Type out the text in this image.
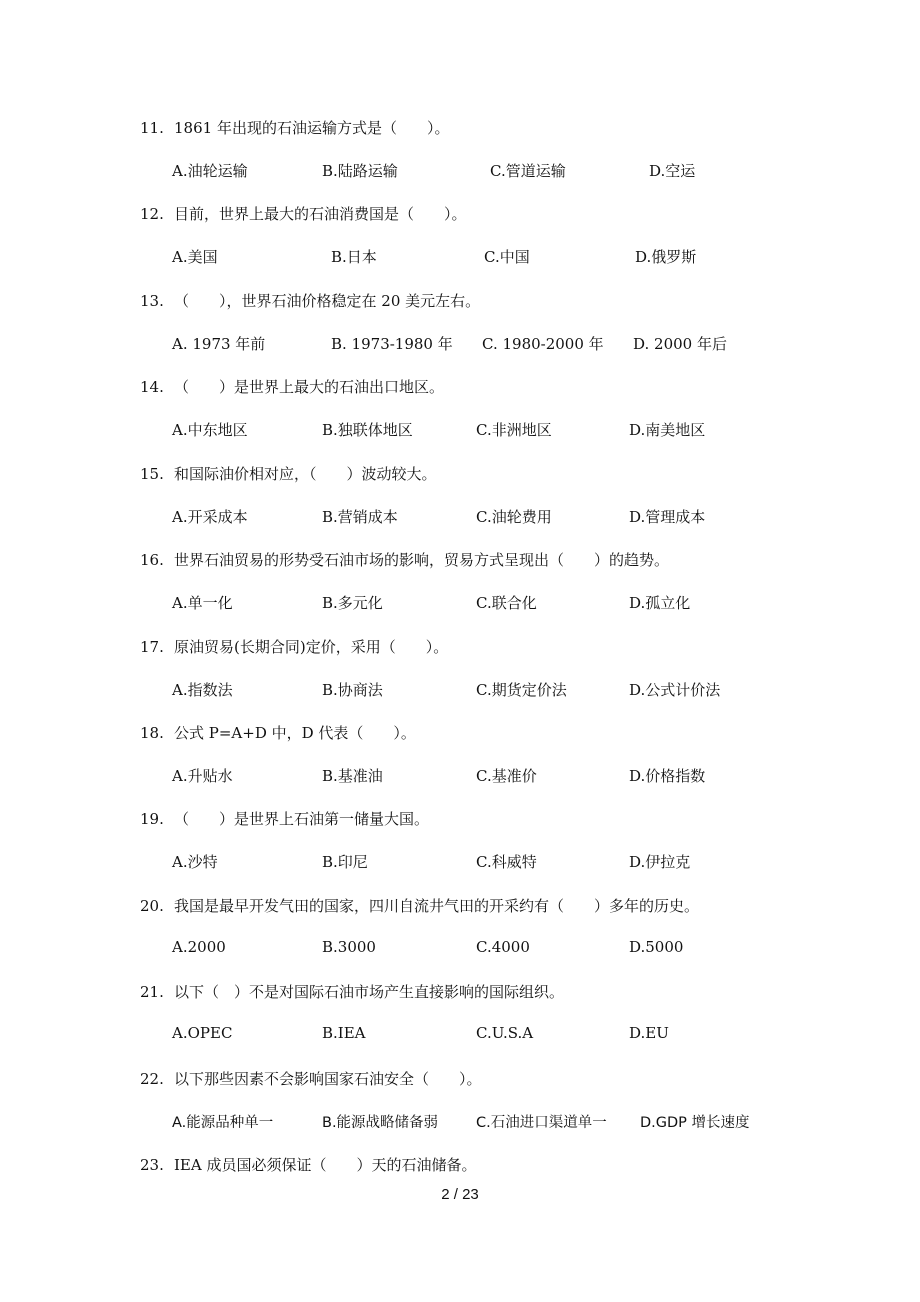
11. 1861 年出现的石油运输方式是（　　）。
A.油轮运输	B.陆路运输	C.管道运输	D.空运
12. 目前，世界上最大的石油消费国是（　　）。
A.美国	B.日本	C.中国	D.俄罗斯
13. （　　），世界石油价格稳定在 20 美元左右。
A. 1973 年前	B. 1973-1980 年 C. 1980-2000 年 D. 2000 年后
14. （　　）是世界上最大的石油出口地区。
A.中东地区	B.独联体地区	C.非洲地区	D.南美地区
15. 和国际油价相对应，（　　）波动较大。
A.开采成本	B.营销成本	C.油轮费用	D.管理成本
16. 世界石油贸易的形势受石油市场的影响，贸易方式呈现出（　　）的趋势。
A.单一化	B.多元化	C.联合化	D.孤立化
17. 原油贸易(长期合同)定价，采用（　　）。
A.指数法	B.协商法	C.期货定价法	D.公式计价法
18. 公式 P=A+D 中，D 代表（　　）。
A.升贴水	B.基准油	C.基准价	D.价格指数
19. （　　）是世界上石油第一储量大国。
A.沙特	B.印尼	C.科威特	D.伊拉克
20. 我国是最早开发气田的国家，四川自流井气田的开采约有（　　）多年的历史。
A.2000	B.3000	C.4000	D.5000
21. 以下（　）不是对国际石油市场产生直接影响的国际组织。
A.OPEC	B.IEA	C.U.S.A	D.EU
22. 以下那些因素不会影响国家石油安全（　　）。
A.能源品种单一	B.能源战略储备弱	C.石油进口渠道单一 D.GDP 增长速度
23. IEA 成员国必须保证（　　）天的石油储备。
2 / 23
